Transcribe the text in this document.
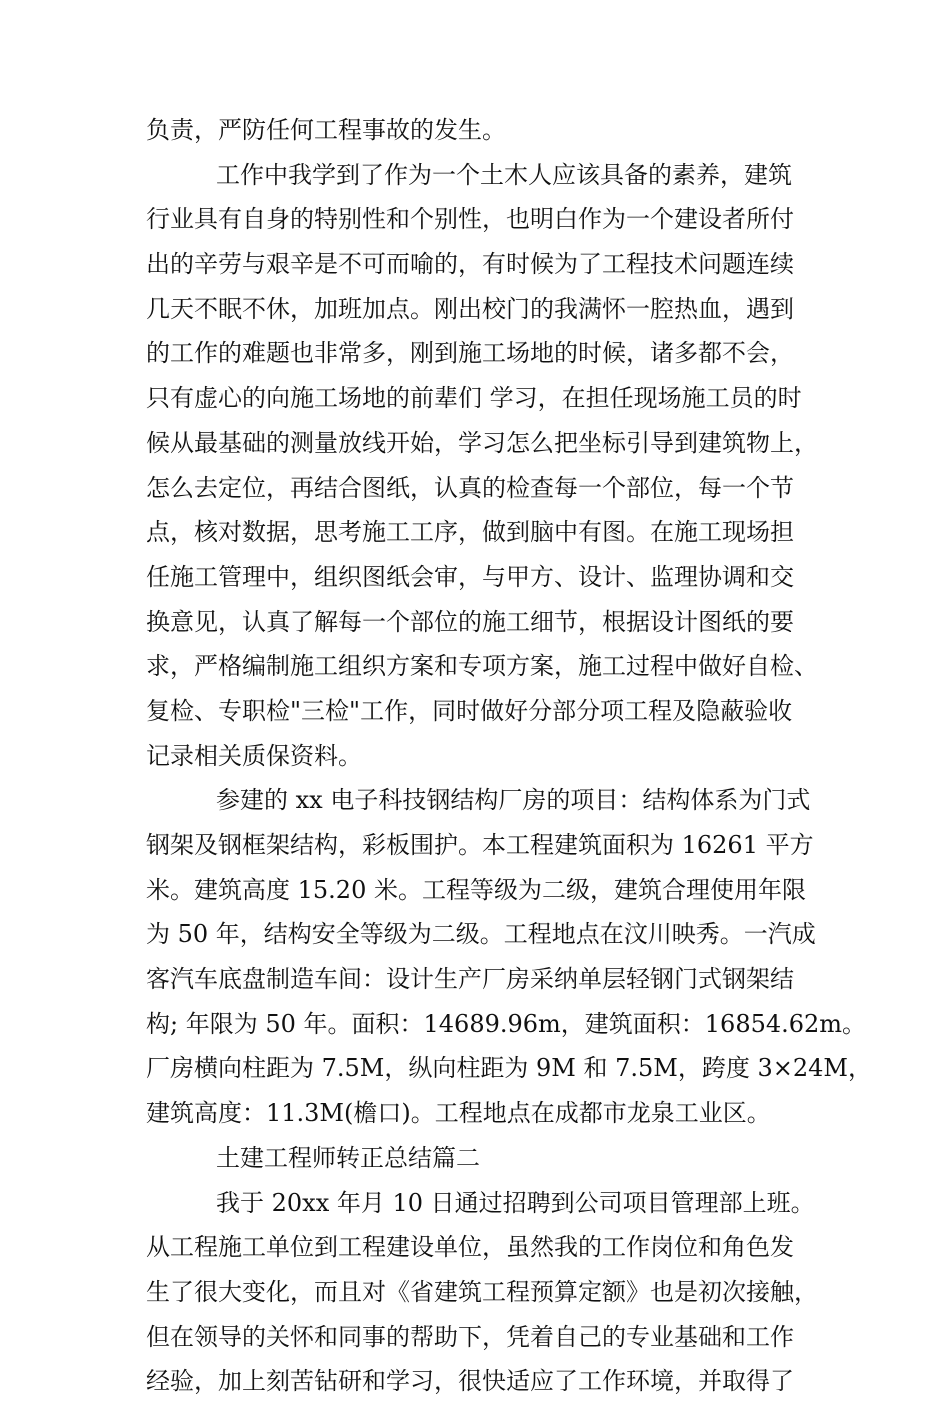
负责，严防任何工程事故的发生。

工作中我学到了作为一个土木人应该具备的素养，建筑

行业具有自身的特别性和个别性，也明白作为一个建设者所付

出的辛劳与艰辛是不可而喻的，有时候为了工程技术问题连续

几天不眠不休，加班加点。刚出校门的我满怀一腔热血，遇到

的工作的难题也非常多，刚到施工场地的时候，诸多都不会，

只有虚心的向施工场地的前辈们 学习，在担任现场施工员的时

候从最基础的测量放线开始，学习怎么把坐标引导到建筑物上，

怎么去定位，再结合图纸，认真的检查每一个部位，每一个节

点，核对数据，思考施工工序，做到脑中有图。在施工现场担

任施工管理中，组织图纸会审，与甲方、设计、监理协调和交

换意见，认真了解每一个部位的施工细节，根据设计图纸的要

求，严格编制施工组织方案和专项方案，施工过程中做好自检、

复检、专职检"三检"工作，同时做好分部分项工程及隐蔽验收

记录相关质保资料。

参建的 xx 电子科技钢结构厂房的项目：结构体系为门式

钢架及钢框架结构，彩板围护。本工程建筑面积为 16261 平方

米。建筑高度 15.20 米。工程等级为二级，建筑合理使用年限

为 50 年，结构安全等级为二级。工程地点在汶川映秀。一汽成

客汽车底盘制造车间：设计生产厂房采纳单层轻钢门式钢架结

构; 年限为 50 年。面积：14689.96m，建筑面积：16854.62m。

厂房横向柱距为 7.5M，纵向柱距为 9M 和 7.5M，跨度 3×24M，

建筑高度：11.3M(檐口)。工程地点在成都市龙泉工业区。

土建工程师转正总结篇二

我于 20xx 年月 10 日通过招聘到公司项目管理部上班。

从工程施工单位到工程建设单位，虽然我的工作岗位和角色发

生了很大变化，而且对《省建筑工程预算定额》也是初次接触，

但在领导的关怀和同事的帮助下，凭着自己的专业基础和工作

经验，加上刻苦钻研和学习，很快适应了工作环境，并取得了
